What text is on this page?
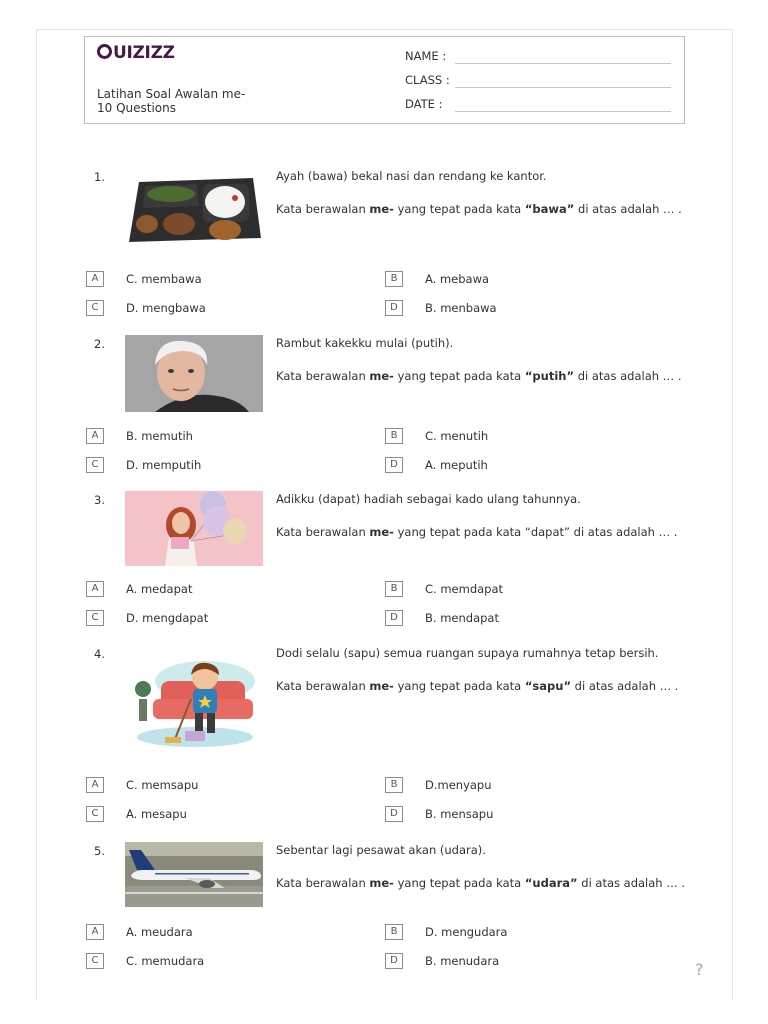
UIZIZZ
Latihan Soal Awalan me-
10 Questions
NAME :
CLASS :
DATE :
1.	Ayah (bawa) bekal nasi dan rendang ke kantor.

Kata berawalan me- yang tepat pada kata “bawa” di atas adalah … .

A	C. membawa	B	A. mebawa
C	D. mengbawa	D	B. menbawa
2.	Rambut kakekku mulai (putih).

Kata berawalan me- yang tepat pada kata “putih” di atas adalah … .

A	B. memutih	B	C. menutih
C	D. memputih	D	A. meputih
3.	Adikku (dapat) hadiah sebagai kado ulang tahunnya.

Kata berawalan me- yang tepat pada kata “dapat” di atas adalah … .

A	A. medapat	B	C. memdapat
C	D. mengdapat	D	B. mendapat
4.	Dodi selalu (sapu) semua ruangan supaya rumahnya tetap bersih.

Kata berawalan me- yang tepat pada kata “sapu” di atas adalah … .

A	C. memsapu	B	D.menyapu
C	A. mesapu	D	B. mensapu
5.	Sebentar lagi pesawat akan (udara).

Kata berawalan me- yang tepat pada kata “udara” di atas adalah … .

A	A. meudara	B	D. mengudara
C	C. memudara	D	B. menudara	?
